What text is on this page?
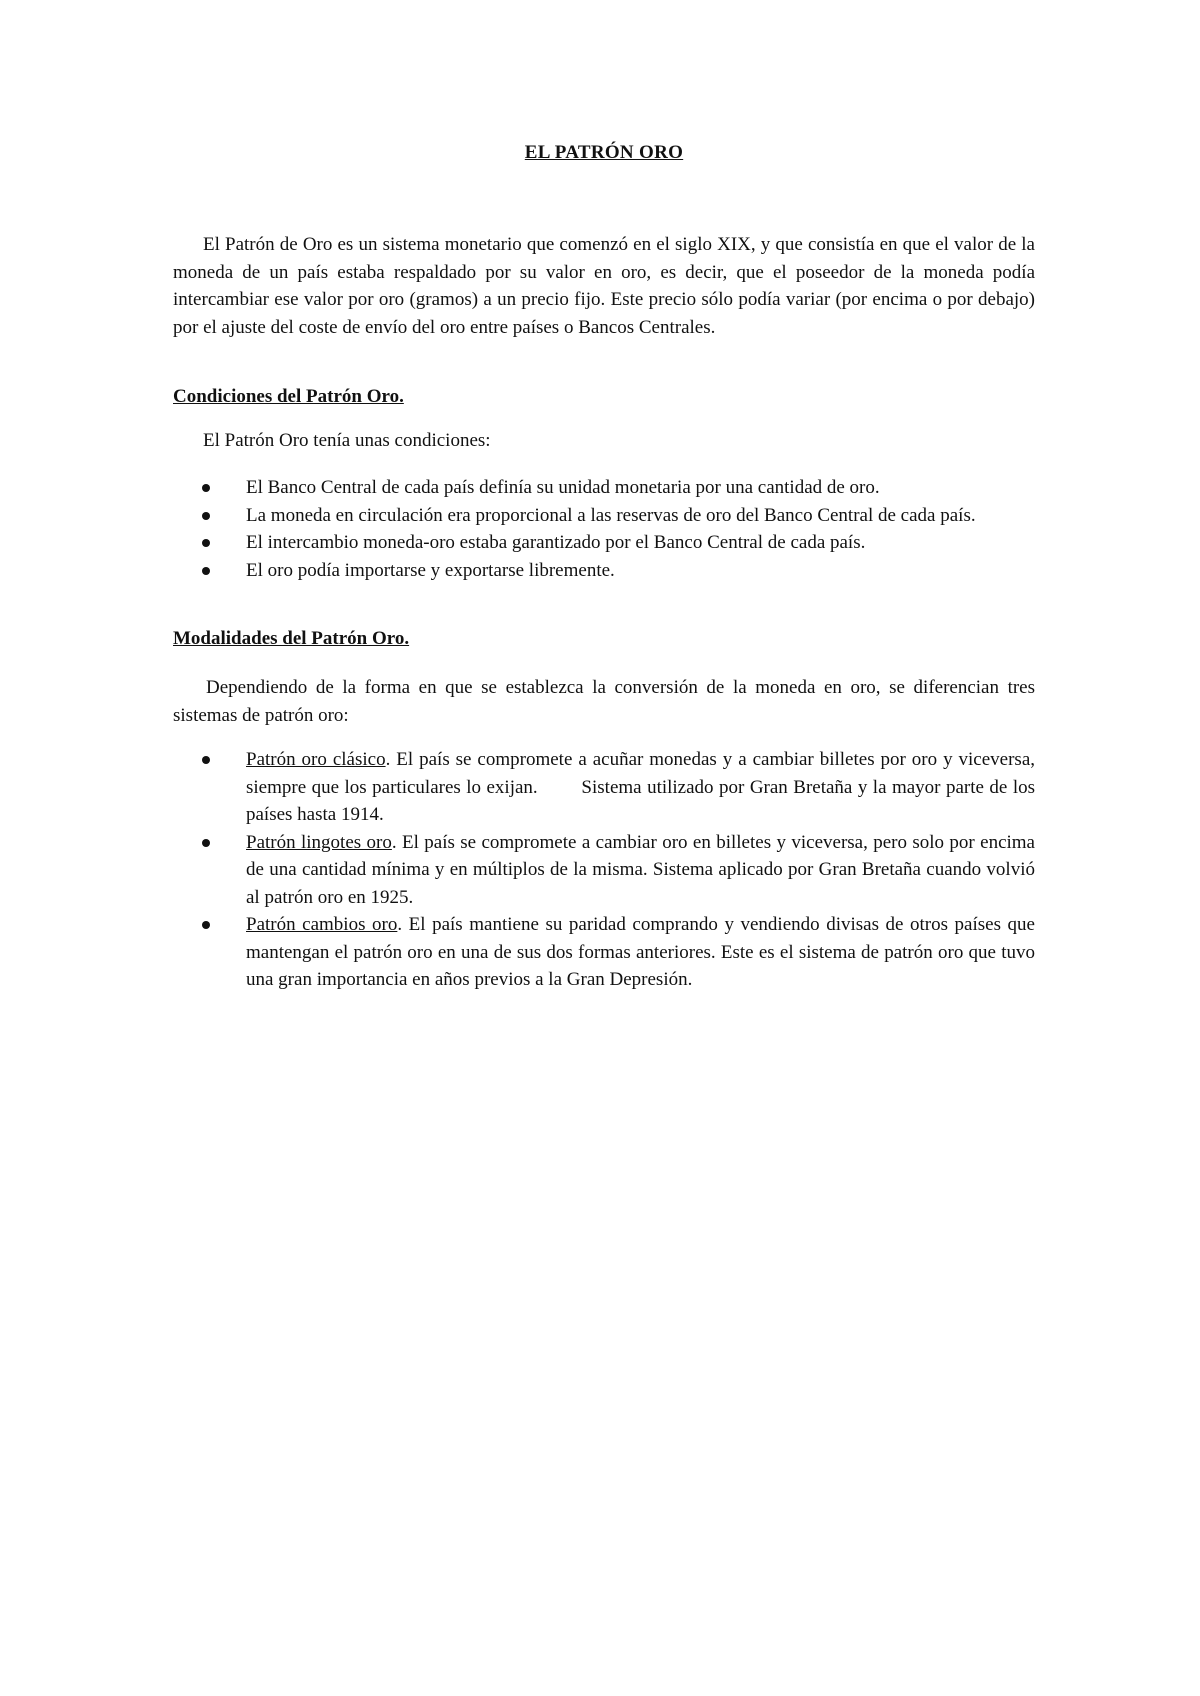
EL PATRÓN ORO

El Patrón de Oro es un sistema monetario que comenzó en el siglo XIX, y que consistía en que el valor de la moneda de un país estaba respaldado por su valor en oro, es decir, que el poseedor de la moneda podía intercambiar ese valor por oro (gramos) a un precio fijo. Este precio sólo podía variar (por encima o por debajo) por el ajuste del coste de envío del oro entre países o Bancos Centrales.

Condiciones del Patrón Oro.

El Patrón Oro tenía unas condiciones:

El Banco Central de cada país definía su unidad monetaria por una cantidad de oro.
La moneda en circulación era proporcional a las reservas de oro del Banco Central de cada país.
El intercambio moneda-oro estaba garantizado por el Banco Central de cada país.
El oro podía importarse y exportarse libremente.
Modalidades del Patrón Oro.

Dependiendo de la forma en que se establezca la conversión de la moneda en oro, se diferencian tres sistemas de patrón oro:

Patrón oro clásico. El país se compromete a acuñar monedas y a cambiar billetes por oro y viceversa, siempre que los particulares lo exijan.        Sistema utilizado por Gran Bretaña y la mayor parte de los países hasta 1914.
Patrón lingotes oro. El país se compromete a cambiar oro en billetes y viceversa, pero solo por encima de una cantidad mínima y en múltiplos de la misma. Sistema aplicado por Gran Bretaña cuando volvió al patrón oro en 1925.
Patrón cambios oro. El país mantiene su paridad comprando y vendiendo divisas de otros países que mantengan el patrón oro en una de sus dos formas anteriores. Este es el sistema de patrón oro que tuvo una gran importancia en años previos a la Gran Depresión.
